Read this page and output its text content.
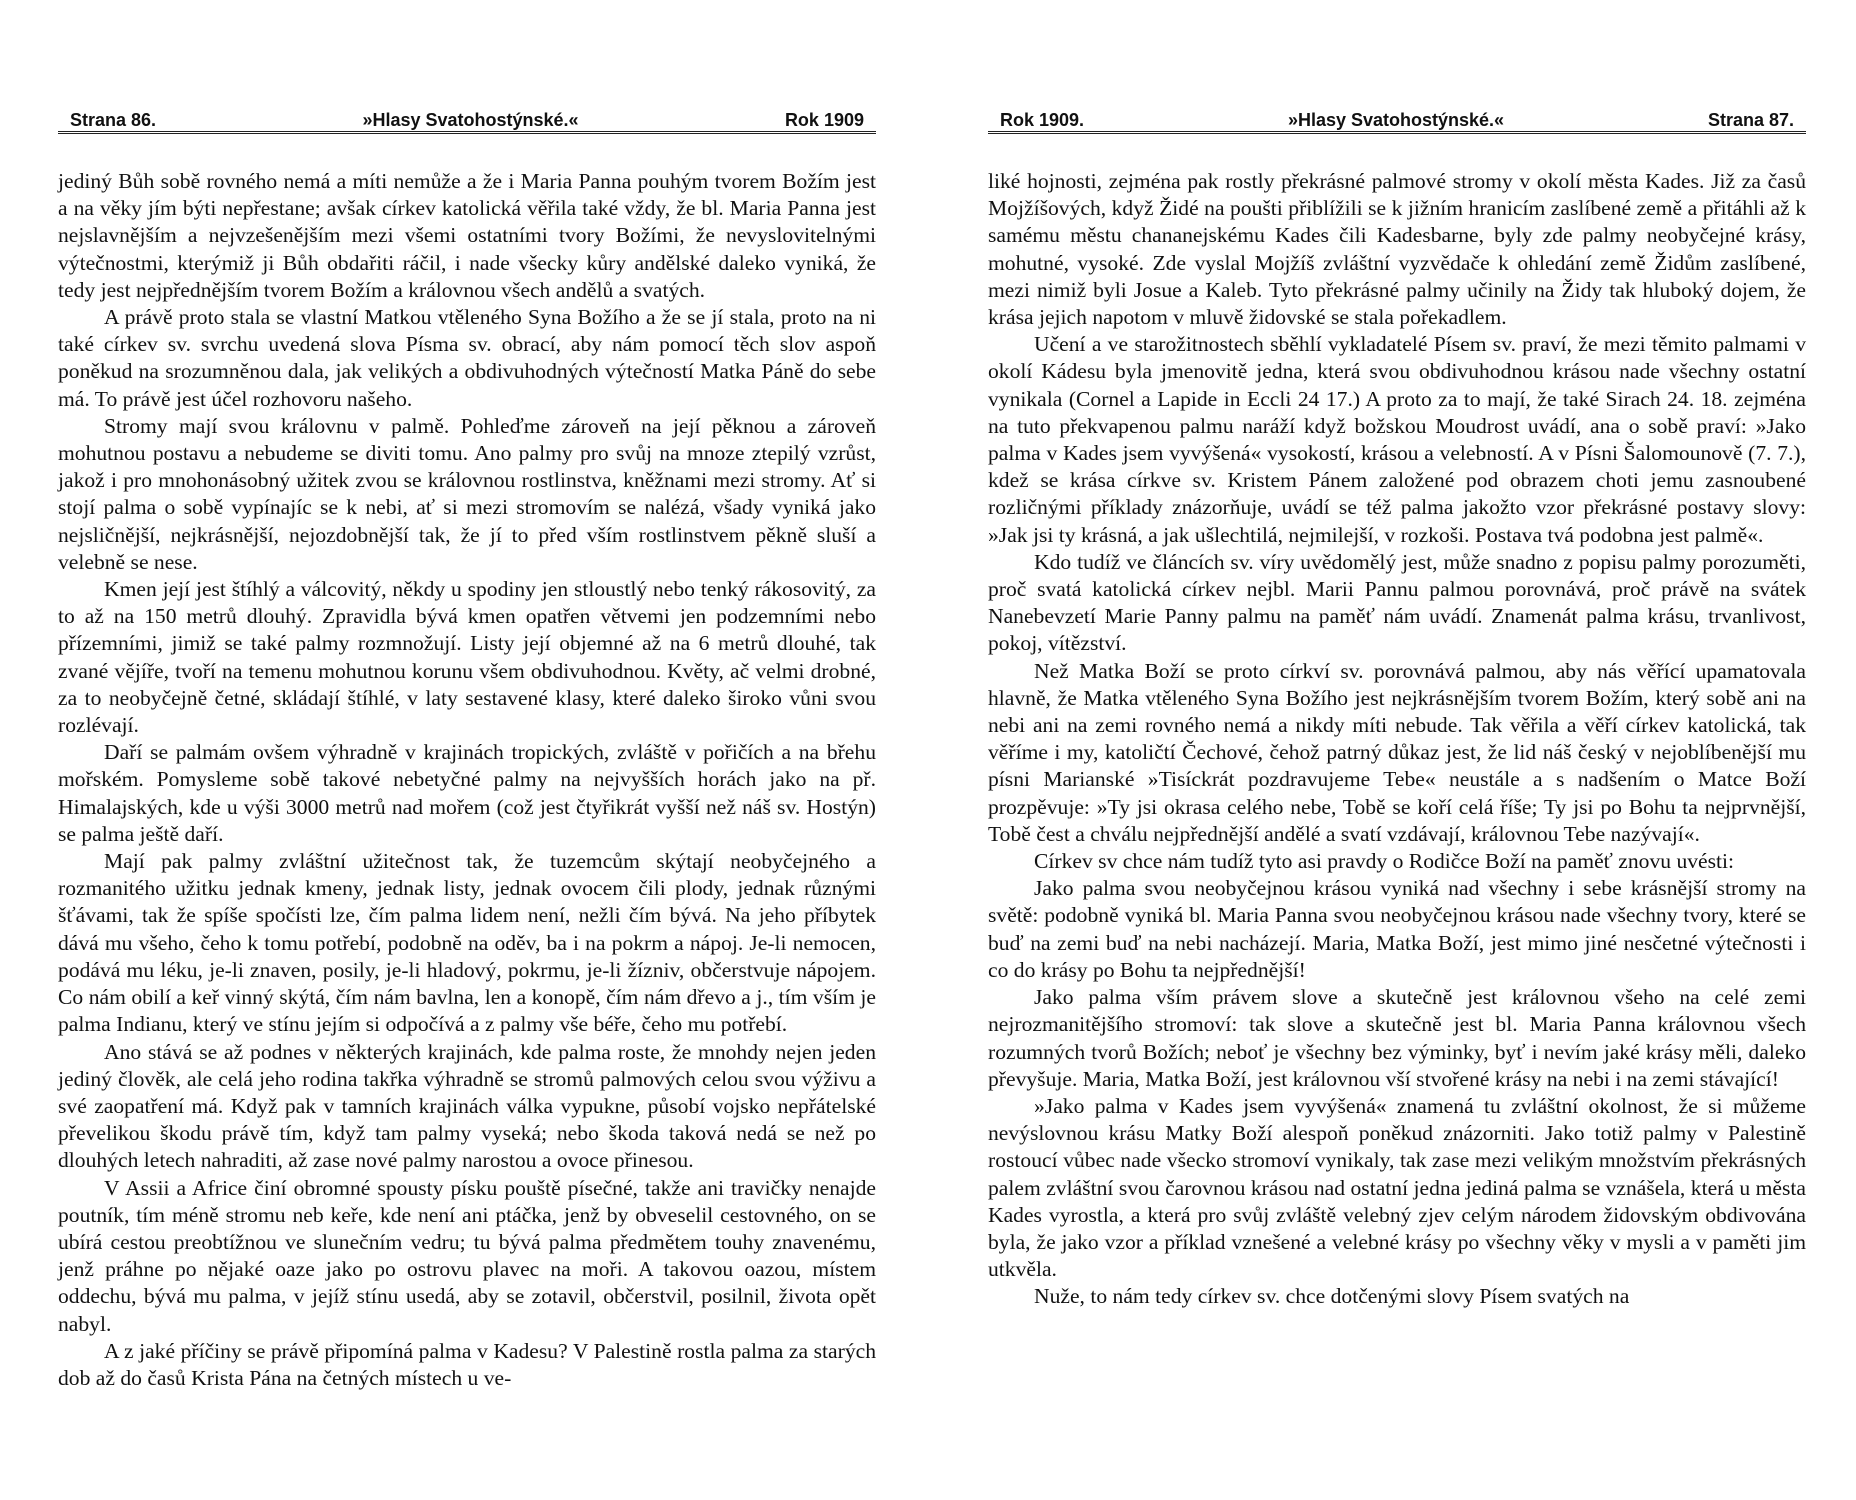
Strana 86.	»Hlasy Svatohostýnské.«	Rok 1909

jediný Bůh sobě rovného nemá a míti nemůže a že i Maria Panna pouhým tvorem Božím jest a na věky jím býti nepřestane; avšak církev katolická věřila také vždy, že bl. Maria Panna jest nejslavnějším a nejvzešenějším mezi všemi ostatními tvory Božími, že nevyslovitelnými výtečnostmi, kterýmiž ji Bůh obdařiti ráčil, i nade všecky kůry andělské daleko vyniká, že tedy jest nejpřednějším tvorem Božím a královnou všech andělů a svatých.

A právě proto stala se vlastní Matkou vtěleného Syna Božího a že se jí stala, proto na ni také církev sv. svrchu uvedená slova Písma sv. obrací, aby nám pomocí těch slov aspoň poněkud na srozumněnou dala, jak velikých a obdivuhodných výtečností Matka Páně do sebe má. To právě jest účel rozhovoru našeho.

Stromy mají svou královnu v palmě. Pohleďme zároveň na její pěknou a zároveň mohutnou postavu a nebudeme se diviti tomu. Ano palmy pro svůj na mnoze ztepilý vzrůst, jakož i pro mnohonásobný užitek zvou se královnou rostlinstva, kněžnami mezi stromy. Ať si stojí palma o sobě vypínajíc se k nebi, ať si mezi stromovím se nalézá, všady vyniká jako nejsličnější, nejkrásnější, nejozdobnější tak, že jí to před vším rostlinstvem pěkně sluší a velebně se nese.

Kmen její jest štíhlý a válcovitý, někdy u spodiny jen stloustlý nebo tenký rákosovitý, za to až na 150 metrů dlouhý. Zpravidla bývá kmen opatřen větvemi jen podzemními nebo přízemními, jimiž se také palmy rozmnožují. Listy její objemné až na 6 metrů dlouhé, tak zvané vějíře, tvoří na temenu mohutnou korunu všem obdivuhodnou. Květy, ač velmi drobné, za to neobyčejně četné, skládají štíhlé, v laty sestavené klasy, které daleko široko vůni svou rozlévají.

Daří se palmám ovšem výhradně v krajinách tropických, zvláště v pořičích a na břehu mořském. Pomysleme sobě takové nebetyčné palmy na nejvyšších horách jako na př. Himalajských, kde u výši 3000 metrů nad mořem (což jest čtyřikrát vyšší než náš sv. Hostýn) se palma ještě daří.

Mají pak palmy zvláštní užitečnost tak, že tuzemcům skýtají neobyčejného a rozmanitého užitku jednak kmeny, jednak listy, jednak ovocem čili plody, jednak různými šťávami, tak že spíše spočísti lze, čím palma lidem není, nežli čím bývá. Na jeho příbytek dává mu všeho, čeho k tomu potřebí, podobně na oděv, ba i na pokrm a nápoj. Je-li nemocen, podává mu léku, je-li znaven, posily, je-li hladový, pokrmu, je-li žízniv, občerstvuje nápojem. Co nám obilí a keř vinný skýtá, čím nám bavlna, len a konopě, čím nám dřevo a j., tím vším je palma Indianu, který ve stínu jejím si odpočívá a z palmy vše béře, čeho mu potřebí.

Ano stává se až podnes v některých krajinách, kde palma roste, že mnohdy nejen jeden jediný člověk, ale celá jeho rodina takřka výhradně se stromů palmových celou svou výživu a své zaopatření má. Když pak v tamních krajinách válka vypukne, působí vojsko nepřátelské převelikou škodu právě tím, když tam palmy vyseká; nebo škoda taková nedá se než po dlouhých letech nahraditi, až zase nové palmy narostou a ovoce přinesou.

V Assii a Africe činí obromné spousty písku pouště písečné, takže ani travičky nenajde poutník, tím méně stromu neb keře, kde není ani ptáčka, jenž by obveselil cestovného, on se ubírá cestou preobtížnou ve slunečním vedru; tu bývá palma předmětem touhy znavenému, jenž práhne po nějaké oaze jako po ostrovu plavec na moři. A takovou oazou, místem oddechu, bývá mu palma, v jejíž stínu usedá, aby se zotavil, občerstvil, posilnil, života opět nabyl.

A z jaké příčiny se právě připomíná palma v Kadesu? V Palestině rostla palma za starých dob až do časů Krista Pána na četných místech u ve-

Rok 1909.	»Hlasy Svatohostýnské.«	Strana 87.

liké hojnosti, zejména pak rostly překrásné palmové stromy v okolí města Kades. Již za časů Mojžíšových, když Židé na poušti přiblížili se k jižním hranicím zaslíbené země a přitáhli až k samému městu chananejskému Kades čili Kadesbarne, byly zde palmy neobyčejné krásy, mohutné, vysoké. Zde vyslal Mojžíš zvláštní vyzvědače k ohledání země Židům zaslíbené, mezi nimiž byli Josue a Kaleb. Tyto překrásné palmy učinily na Židy tak hluboký dojem, že krása jejich napotom v mluvě židovské se stala pořekadlem.

Učení a ve starožitnostech sběhlí vykladatelé Písem sv. praví, že mezi těmito palmami v okolí Kádesu byla jmenovitě jedna, která svou obdivuhodnou krásou nade všechny ostatní vynikala (Cornel a Lapide in Eccli 24 17.) A proto za to mají, že také Sirach 24. 18. zejména na tuto překvapenou palmu naráží když božskou Moudrost uvádí, ana o sobě praví: »Jako palma v Kades jsem vyvýšená« vysokostí, krásou a velebností. A v Písni Šalomounově (7. 7.), kdež se krása církve sv. Kristem Pánem založené pod obrazem choti jemu zasnoubené rozličnými příklady znázorňuje, uvádí se též palma jakožto vzor překrásné postavy slovy: »Jak jsi ty krásná, a jak ušlechtilá, nejmilejší, v rozkoši. Postava tvá podobna jest palmě«.

Kdo tudíž ve článcích sv. víry uvědomělý jest, může snadno z popisu palmy porozuměti, proč svatá katolická církev nejbl. Marii Pannu palmou porovnává, proč právě na svátek Nanebevzetí Marie Panny palmu na paměť nám uvádí. Znamenát palma krásu, trvanlivost, pokoj, vítězství.

Než Matka Boží se proto církví sv. porovnává palmou, aby nás věřící upamatovala hlavně, že Matka vtěleného Syna Božího jest nejkrásnějším tvorem Božím, který sobě ani na nebi ani na zemi rovného nemá a nikdy míti nebude. Tak věřila a věří církev katolická, tak věříme i my, katoličtí Čechové, čehož patrný důkaz jest, že lid náš český v nejoblíbenější mu písni Marianské »Tisíckrát pozdravujeme Tebe« neustále a s nadšením o Matce Boží prozpěvuje: »Ty jsi okrasa celého nebe, Tobě se koří celá říše; Ty jsi po Bohu ta nejprvnější, Tobě čest a chválu nejpřednější andělé a svatí vzdávají, královnou Tebe nazývají«.

Církev sv chce nám tudíž tyto asi pravdy o Rodičce Boží na paměť znovu uvésti:

Jako palma svou neobyčejnou krásou vyniká nad všechny i sebe krásnější stromy na světě: podobně vyniká bl. Maria Panna svou neobyčejnou krásou nade všechny tvory, které se buď na zemi buď na nebi nacházejí. Maria, Matka Boží, jest mimo jiné nesčetné výtečnosti i co do krásy po Bohu ta nejpřednější!

Jako palma vším právem slove a skutečně jest královnou všeho na celé zemi nejrozmanitějšího stromoví: tak slove a skutečně jest bl. Maria Panna královnou všech rozumných tvorů Božích; neboť je všechny bez výminky, byť i nevím jaké krásy měli, daleko převyšuje. Maria, Matka Boží, jest královnou vší stvořené krásy na nebi i na zemi stávající!

»Jako palma v Kades jsem vyvýšená« znamená tu zvláštní okolnost, že si můžeme nevýslovnou krásu Matky Boží alespoň poněkud znázorniti. Jako totiž palmy v Palestině rostoucí vůbec nade všecko stromoví vynikaly, tak zase mezi velikým množstvím překrásných palem zvláštní svou čarovnou krásou nad ostatní jedna jediná palma se vznášela, která u města Kades vyrostla, a která pro svůj zvláště velebný zjev celým národem židovským obdivována byla, že jako vzor a příklad vznešené a velebné krásy po všechny věky v mysli a v paměti jim utkvěla.

Nuže, to nám tedy církev sv. chce dotčenými slovy Písem svatých na
